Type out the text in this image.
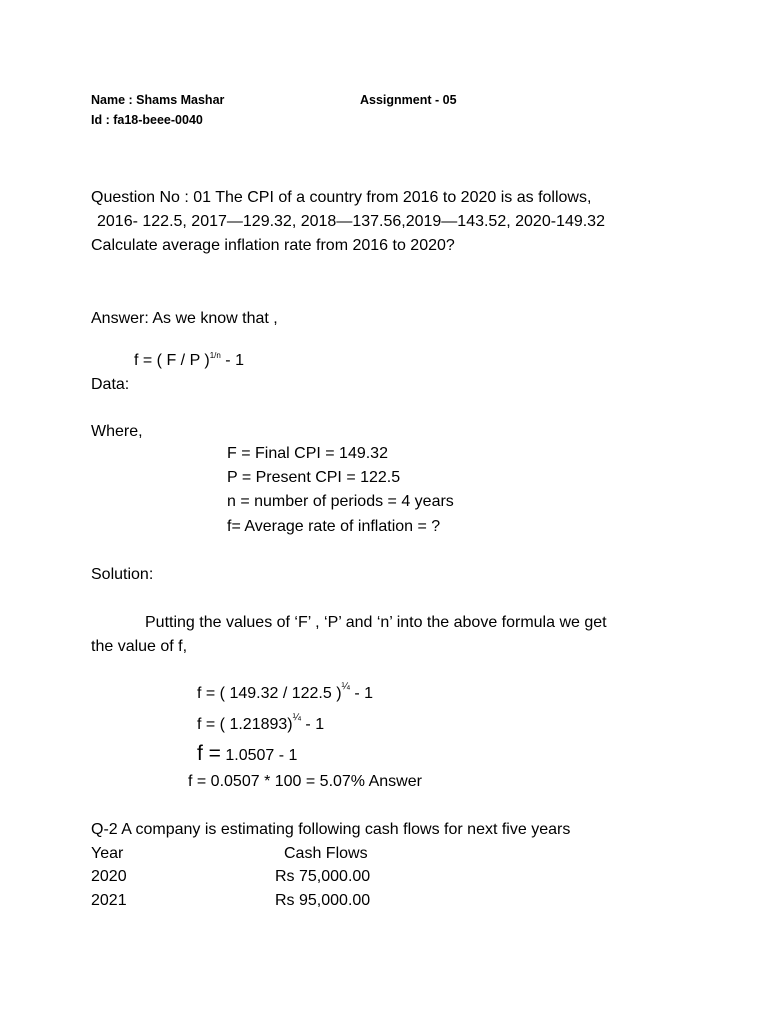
Name : Shams Mashar	Assignment - 05
Id : fa18-beee-0040
Question No : 01 The CPI of a country from 2016 to 2020 is as follows,
2016- 122.5, 2017—129.32, 2018—137.56,2019—143.52, 2020-149.32
Calculate average inflation rate from 2016 to 2020?
Answer: As we know that ,
f = ( F / P )$^{1/n}$ - 1
Data:
Where,
F = Final CPI = 149.32
P = Present CPI = 122.5
n = number of periods = 4 years
f= Average rate of inflation = ?
Solution:
Putting the values of ‘F’ , ‘P’ and ‘n’ into the above formula we get
the value of f,
f = ( 149.32 / 122.5 )$^{\frac{1}{4}}$ - 1
f = ( 1.21893)$^{\frac{1}{4}}$ - 1
f = 1.0507 - 1
f = 0.0507 * 100 = 5.07% Answer
Q-2 A company is estimating following cash flows for next five years
Year	Cash Flows
2020	Rs 75,000.00
2021	Rs 95,000.00
